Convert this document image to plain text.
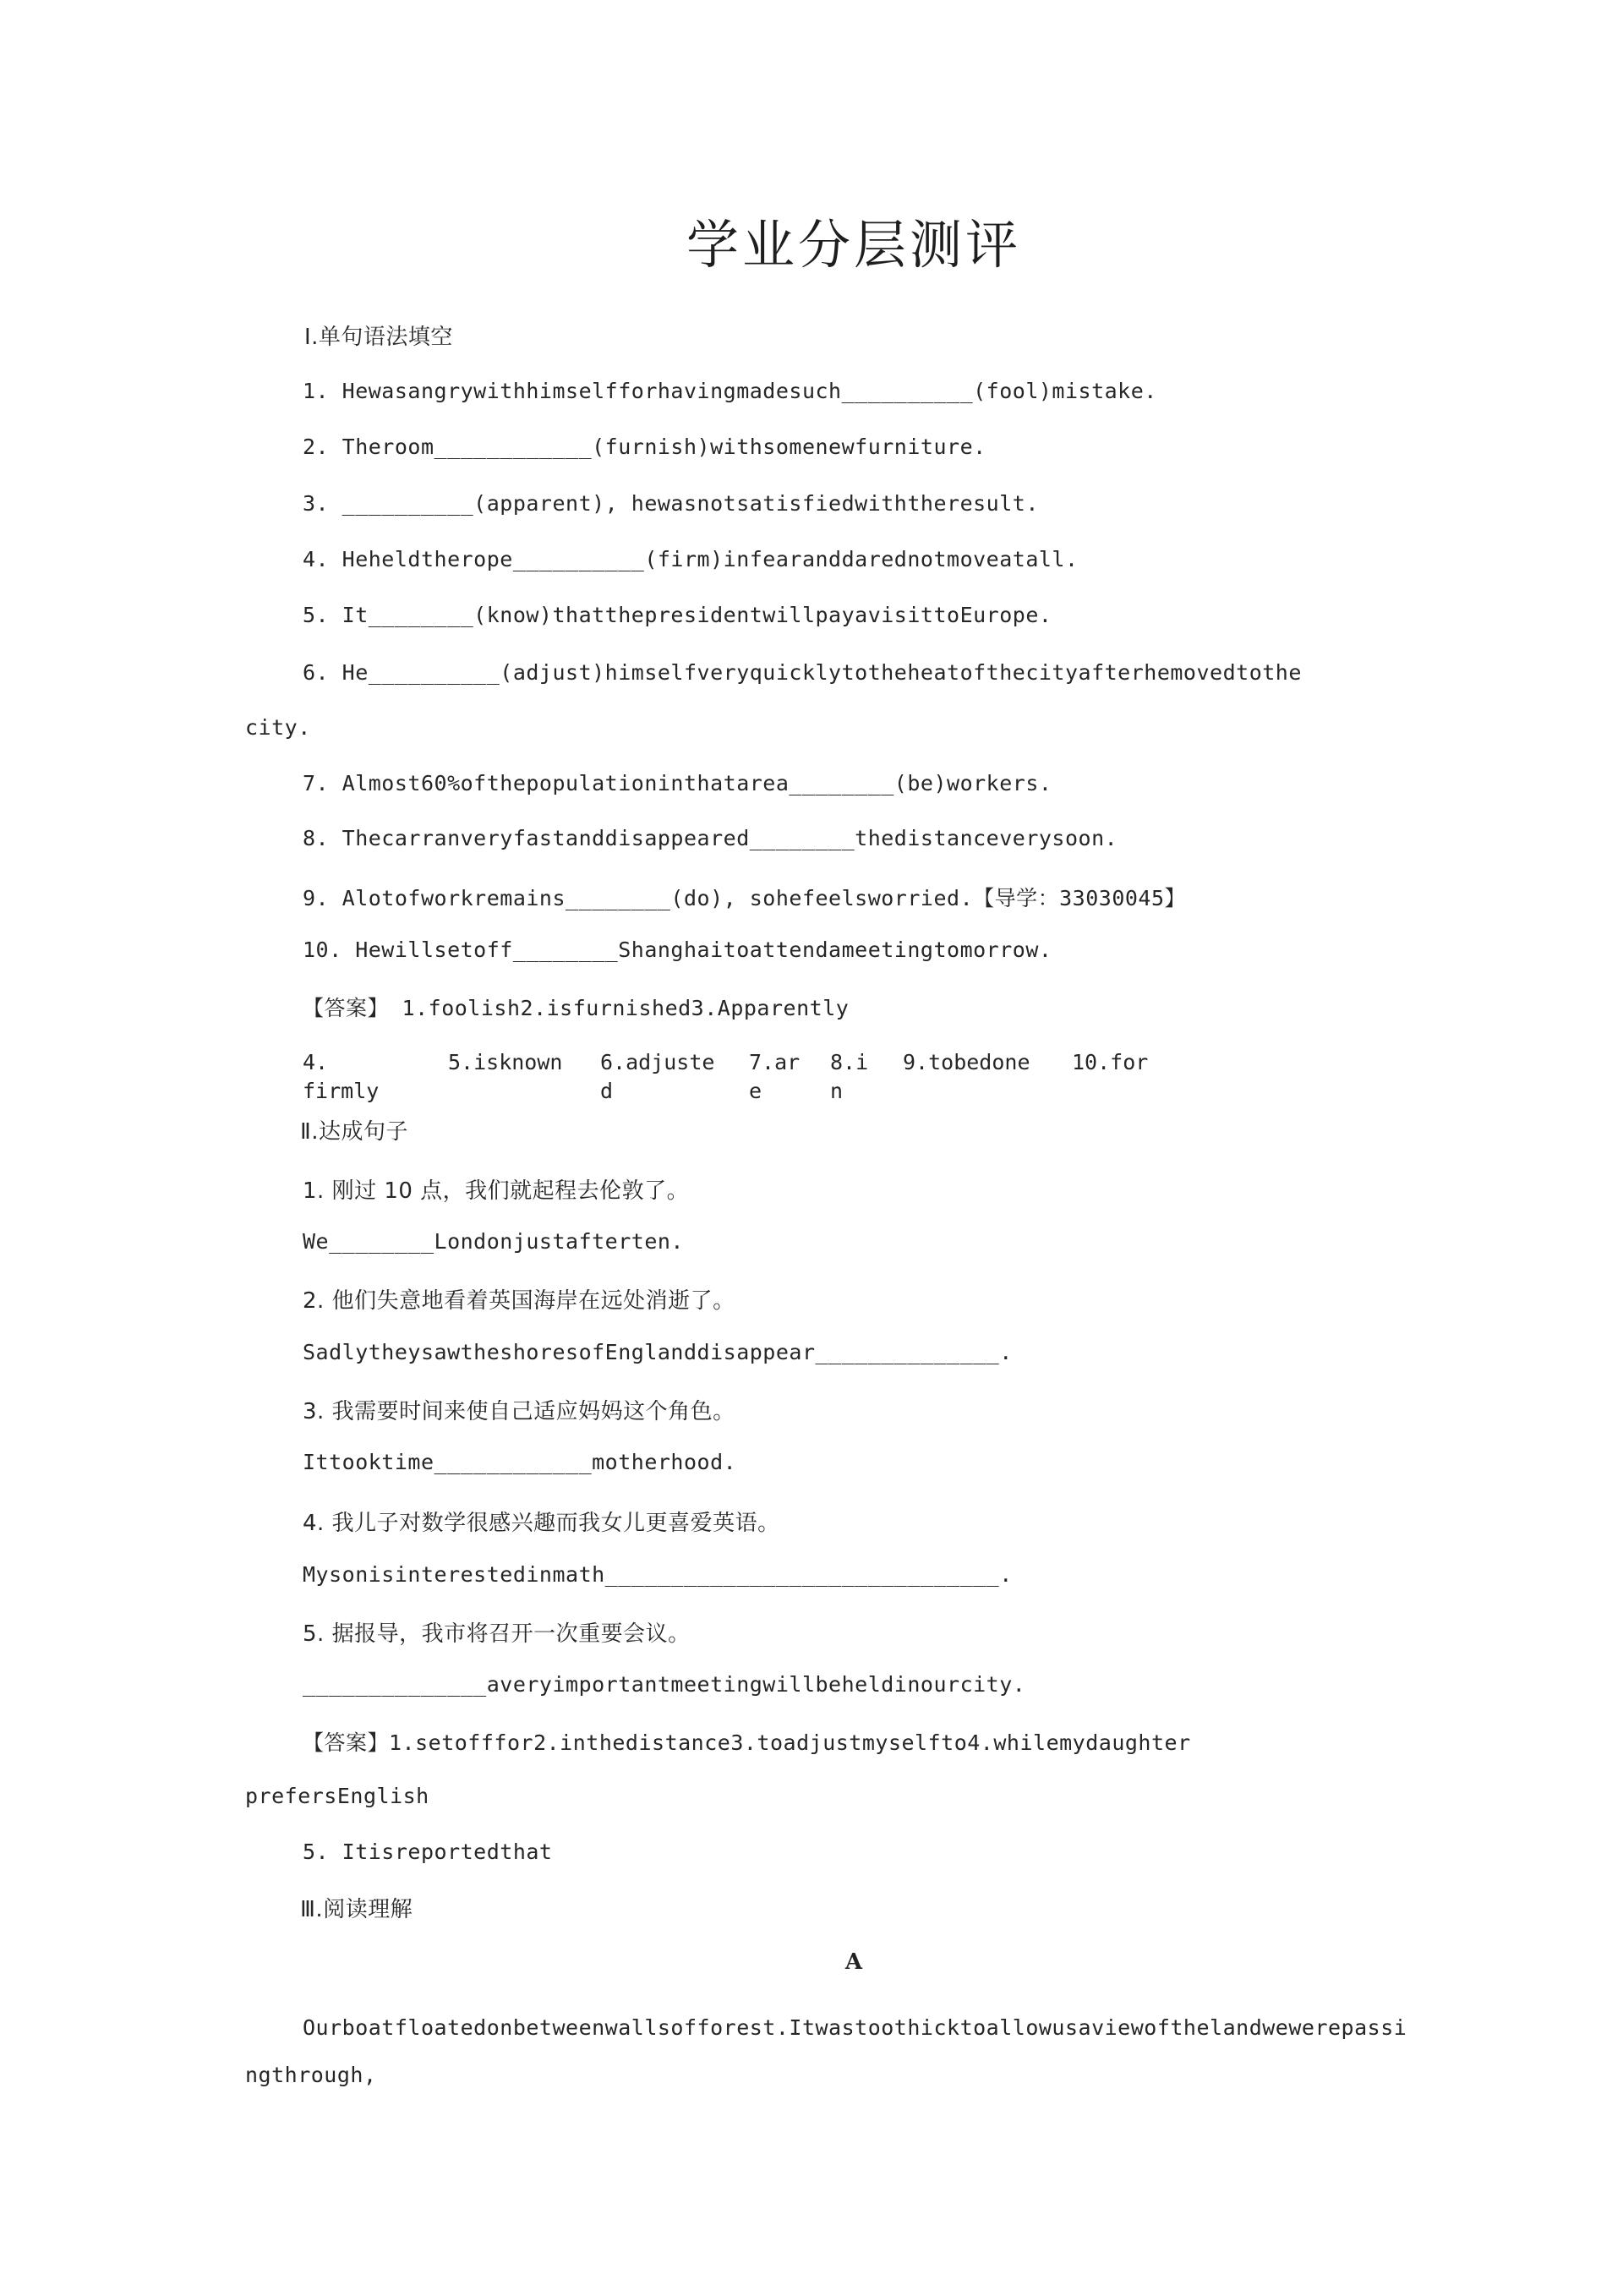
学业分层测评
Ⅰ.单句语法填空
1. Hewasangrywithhimselfforhavingmadesuch__________(fool)mistake.
2. Theroom____________(furnish)withsomenewfurniture.
3. __________(apparent), hewasnotsatisfiedwiththeresult.
4. Heheldtherope__________(firm)infearanddarednotmoveatall.
5. It________(know)thatthepresidentwillpayavisittoEurope.
6. He__________(adjust)himselfveryquicklytotheheatofthecityafterhemovedtothe
city.
7. Almost60%ofthepopulationinthatarea________(be)workers.
8. Thecarranveryfastanddisappeared________thedistanceverysoon.
9. Alotofworkremains________(do), sohefeelsworried.【导学：33030045】
10. Hewillsetoff________Shanghaitoattendameetingtomorrow.
【答案】 1.foolish2.isfurnished3.Apparently
4.
firmly
5.isknown	6.adjuste
d
7.ar
e
8.i
n
9.tobedone	10.for
Ⅱ.达成句子
1. 刚过 10 点，我们就起程去伦敦了。
We________Londonjustafterten.
2. 他们失意地看着英国海岸在远处消逝了。
SadlytheysawtheshoresofEnglanddisappear______________.
3. 我需要时间来使自己适应妈妈这个角色。
Ittooktime____________motherhood.
4. 我儿子对数学很感兴趣而我女儿更喜爱英语。
Mysonisinterestedinmath______________________________.
5. 据报导，我市将召开一次重要会议。
______________averyimportantmeetingwillbeheldinourcity.
【答案】1.setofffor2.inthedistance3.toadjustmyselfto4.whilemydaughter
prefersEnglish
5. Itisreportedthat
Ⅲ.阅读理解
A
Ourboatfloatedonbetweenwallsofforest.Itwastoothicktoallowusaviewofthelandwewerepassi
ngthrough,
